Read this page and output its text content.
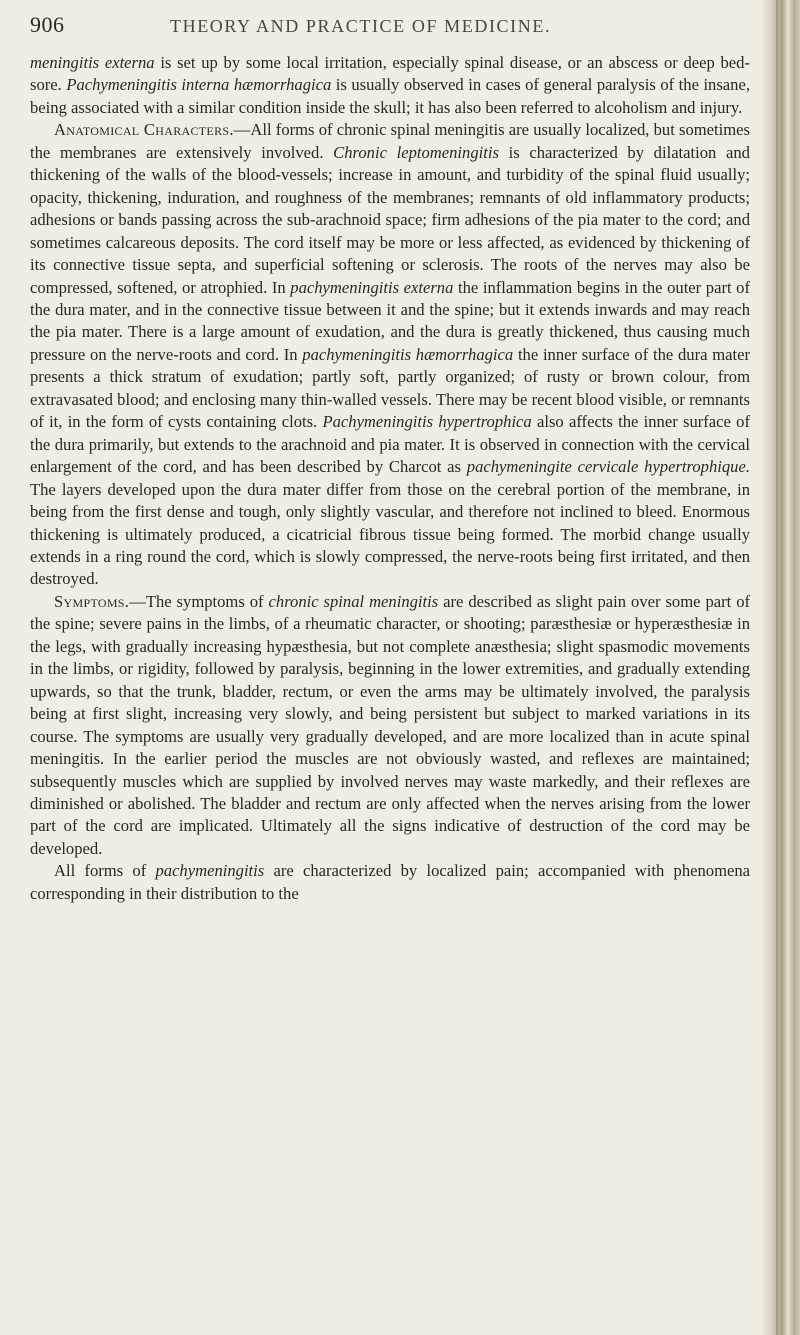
906	THEORY AND PRACTICE OF MEDICINE.

meningitis externa is set up by some local irritation, especially spinal disease, or an abscess or deep bed-sore. Pachymeningitis interna hæmorrhagica is usually observed in cases of general paralysis of the insane, being associated with a similar condition inside the skull; it has also been referred to alcoholism and injury.

Anatomical Characters.—All forms of chronic spinal meningitis are usually localized, but sometimes the membranes are extensively involved. Chronic leptomeningitis is characterized by dilatation and thickening of the walls of the blood-vessels; increase in amount, and turbidity of the spinal fluid usually; opacity, thickening, induration, and roughness of the membranes; remnants of old inflammatory products; adhesions or bands passing across the sub-arachnoid space; firm adhesions of the pia mater to the cord; and sometimes calcareous deposits. The cord itself may be more or less affected, as evidenced by thickening of its connective tissue septa, and superficial softening or sclerosis. The roots of the nerves may also be compressed, softened, or atrophied. In pachymeningitis externa the inflammation begins in the outer part of the dura mater, and in the connective tissue between it and the spine; but it extends inwards and may reach the pia mater. There is a large amount of exudation, and the dura is greatly thickened, thus causing much pressure on the nerve-roots and cord. In pachymeningitis hæmorrhagica the inner surface of the dura mater presents a thick stratum of exudation; partly soft, partly organized; of rusty or brown colour, from extravasated blood; and enclosing many thin-walled vessels. There may be recent blood visible, or remnants of it, in the form of cysts containing clots. Pachymeningitis hypertrophica also affects the inner surface of the dura primarily, but extends to the arachnoid and pia mater. It is observed in connection with the cervical enlargement of the cord, and has been described by Charcot as pachymeningite cervicale hypertrophique. The layers developed upon the dura mater differ from those on the cerebral portion of the membrane, in being from the first dense and tough, only slightly vascular, and therefore not inclined to bleed. Enormous thickening is ultimately produced, a cicatricial fibrous tissue being formed. The morbid change usually extends in a ring round the cord, which is slowly compressed, the nerve-roots being first irritated, and then destroyed.

Symptoms.—The symptoms of chronic spinal meningitis are described as slight pain over some part of the spine; severe pains in the limbs, of a rheumatic character, or shooting; paræsthesiæ or hyperæsthesiæ in the legs, with gradually increasing hypæsthesia, but not complete anæsthesia; slight spasmodic movements in the limbs, or rigidity, followed by paralysis, beginning in the lower extremities, and gradually extending upwards, so that the trunk, bladder, rectum, or even the arms may be ultimately involved, the paralysis being at first slight, increasing very slowly, and being persistent but subject to marked variations in its course. The symptoms are usually very gradually developed, and are more localized than in acute spinal meningitis. In the earlier period the muscles are not obviously wasted, and reflexes are maintained; subsequently muscles which are supplied by involved nerves may waste markedly, and their reflexes are diminished or abolished. The bladder and rectum are only affected when the nerves arising from the lower part of the cord are implicated. Ultimately all the signs indicative of destruction of the cord may be developed.

All forms of pachymeningitis are characterized by localized pain; accompanied with phenomena corresponding in their distribution to the
